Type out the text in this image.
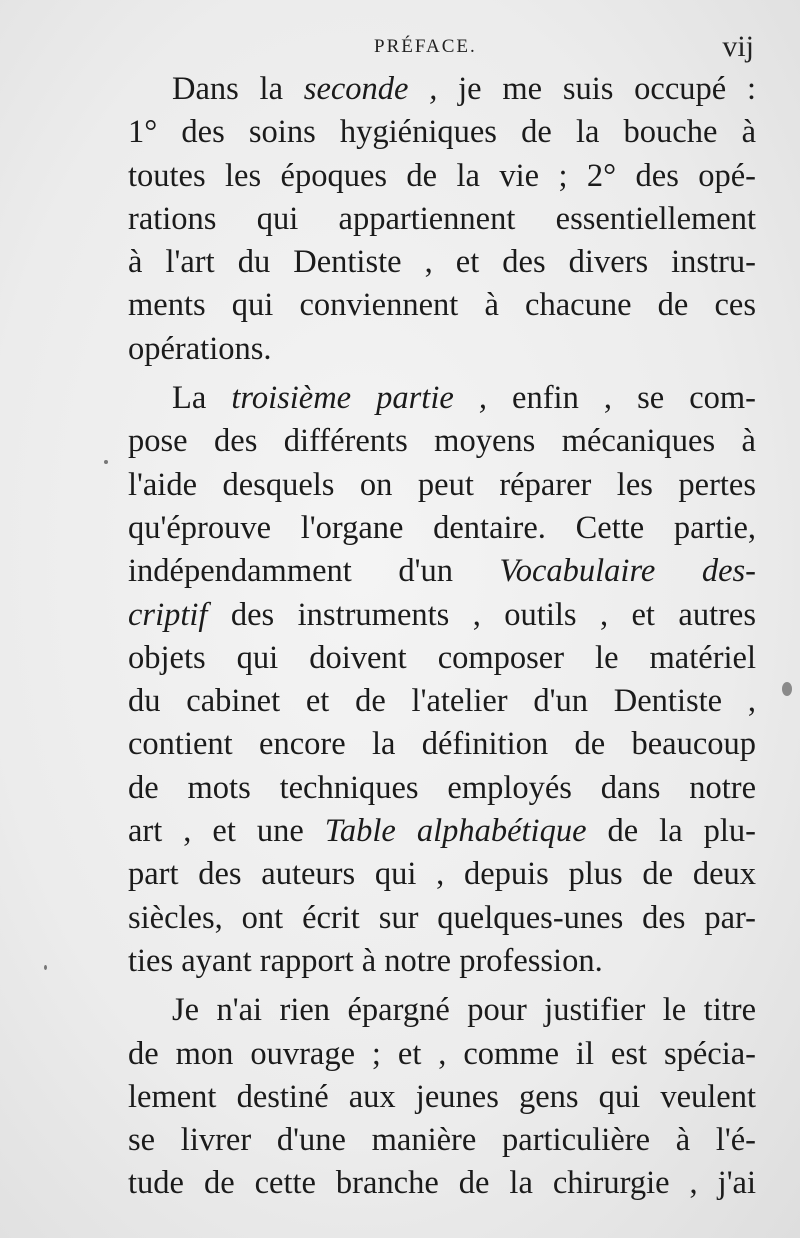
PRÉFACE.	vij
Dans la seconde , je me suis occupé :
1° des soins hygiéniques de la bouche à
toutes les époques de la vie ; 2° des opé-
rations qui appartiennent essentiellement
à l'art du Dentiste , et des divers instru-
ments qui conviennent à chacune de ces
opérations.
La troisième partie , enfin , se com-
pose des différents moyens mécaniques à
l'aide desquels on peut réparer les pertes
qu'éprouve l'organe dentaire. Cette partie,
indépendamment d'un Vocabulaire des-
criptif des instruments , outils , et autres
objets qui doivent composer le matériel
du cabinet et de l'atelier d'un Dentiste ,
contient encore la définition de beaucoup
de mots techniques employés dans notre
art , et une Table alphabétique de la plu-
part des auteurs qui , depuis plus de deux
siècles, ont écrit sur quelques-unes des par-
ties ayant rapport à notre profession.
Je n'ai rien épargné pour justifier le titre
de mon ouvrage ; et , comme il est spécia-
lement destiné aux jeunes gens qui veulent
se livrer d'une manière particulière à l'é-
tude de cette branche de la chirurgie , j'ai
